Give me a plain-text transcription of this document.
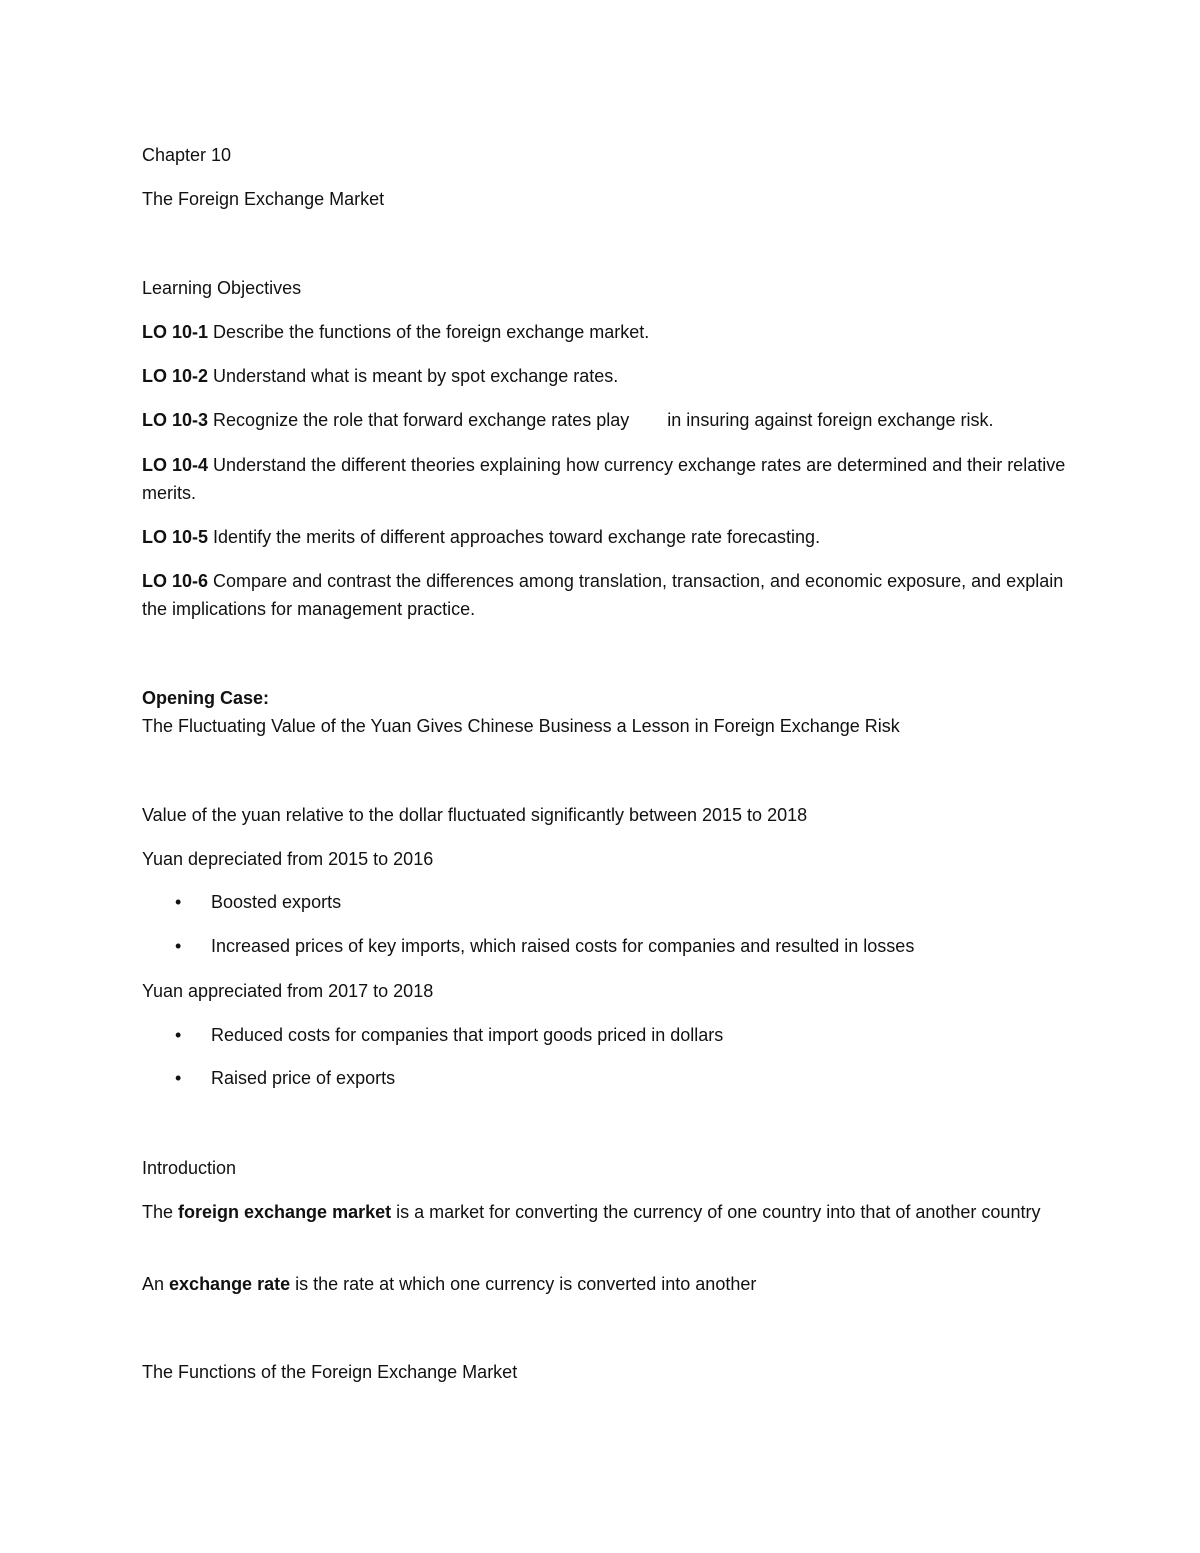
Chapter 10

The Foreign Exchange Market

Learning Objectives

LO 10-1 Describe the functions of the foreign exchange market.

LO 10-2 Understand what is meant by spot exchange rates.

LO 10-3 Recognize the role that forward exchange rates play in insuring against foreign exchange risk.

LO 10-4 Understand the different theories explaining how currency exchange rates are determined and their relative merits.

LO 10-5 Identify the merits of different approaches toward exchange rate forecasting.

LO 10-6 Compare and contrast the differences among translation, transaction, and economic exposure, and explain the implications for management practice.

Opening Case:

The Fluctuating Value of the Yuan Gives Chinese Business a Lesson in Foreign Exchange Risk

Value of the yuan relative to the dollar fluctuated significantly between 2015 to 2018

Yuan depreciated from 2015 to 2016

• Boosted exports
• Increased prices of key imports, which raised costs for companies and resulted in losses

Yuan appreciated from 2017 to 2018

• Reduced costs for companies that import goods priced in dollars
• Raised price of exports

Introduction

The foreign exchange market is a market for converting the currency of one country into that of another country

An exchange rate is the rate at which one currency is converted into another

The Functions of the Foreign Exchange Market
